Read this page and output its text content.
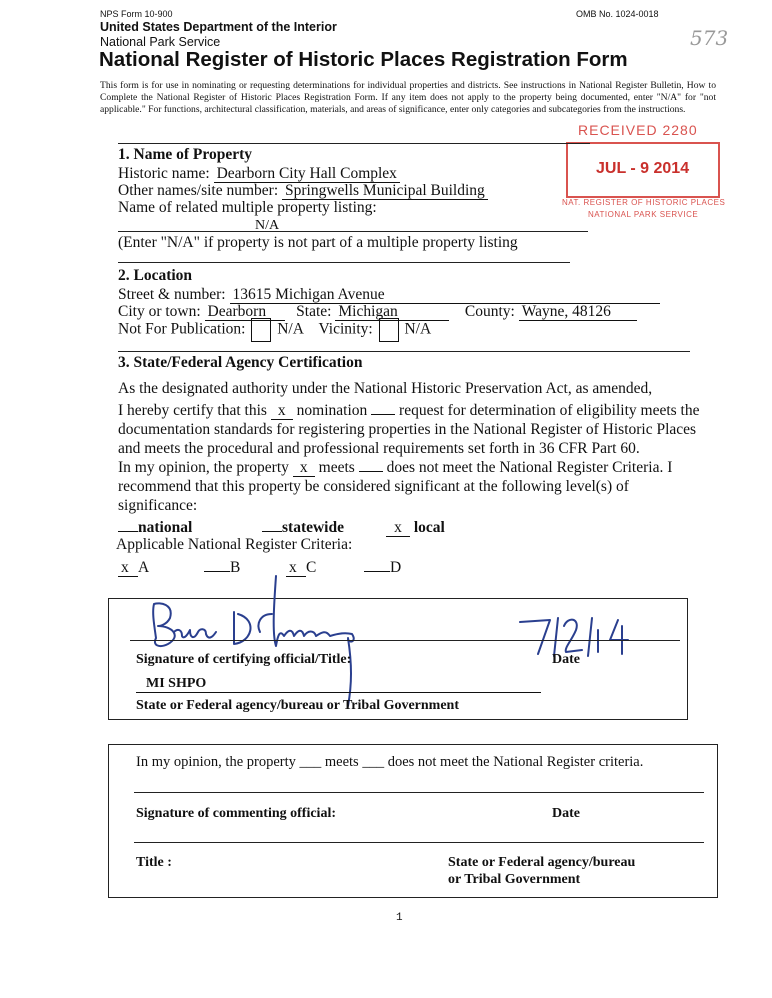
NPS Form 10-900	OMB No. 1024-0018
United States Department of the Interior
National Park Service	573
National Register of Historic Places Registration Form
This form is for use in nominating or requesting determinations for individual properties and districts. See instructions in National Register Bulletin, How to Complete the National Register of Historic Places Registration Form. If any item does not apply to the property being documented, enter "N/A" for "not applicable." For functions, architectural classification, materials, and areas of significance, enter only categories and subcategories from the instructions.
RECEIVED 2280
JUL - 9 2014
NAT. REGISTER OF HISTORIC PLACES
NATIONAL PARK SERVICE
1. Name of Property
Historic name: Dearborn City Hall Complex
Other names/site number: Springwells Municipal Building
Name of related multiple property listing:
N/A
(Enter "N/A" if property is not part of a multiple property listing
2. Location
Street & number: 13615 Michigan Avenue
City or town: Dearborn State: Michigan	County: Wayne, 48126
Not For Publication: N/A Vicinity: N/A
3. State/Federal Agency Certification
As the designated authority under the National Historic Preservation Act, as amended,
I hereby certify that this x nomination request for determination of eligibility meets the documentation standards for registering properties in the National Register of Historic Places and meets the procedural and professional requirements set forth in 36 CFR Part 60.
In my opinion, the property x meets does not meet the National Register Criteria. I recommend that this property be considered significant at the following level(s) of significance:
national	statewide	x local
Applicable National Register Criteria:
x A	B	x C	D
Signature of certifying official/Title:	Date
MI SHPO
State or Federal agency/bureau or Tribal Government
In my opinion, the property ___ meets ___ does not meet the National Register criteria.
Signature of commenting official:	Date
Title :	State or Federal agency/bureau
or Tribal Government
1
